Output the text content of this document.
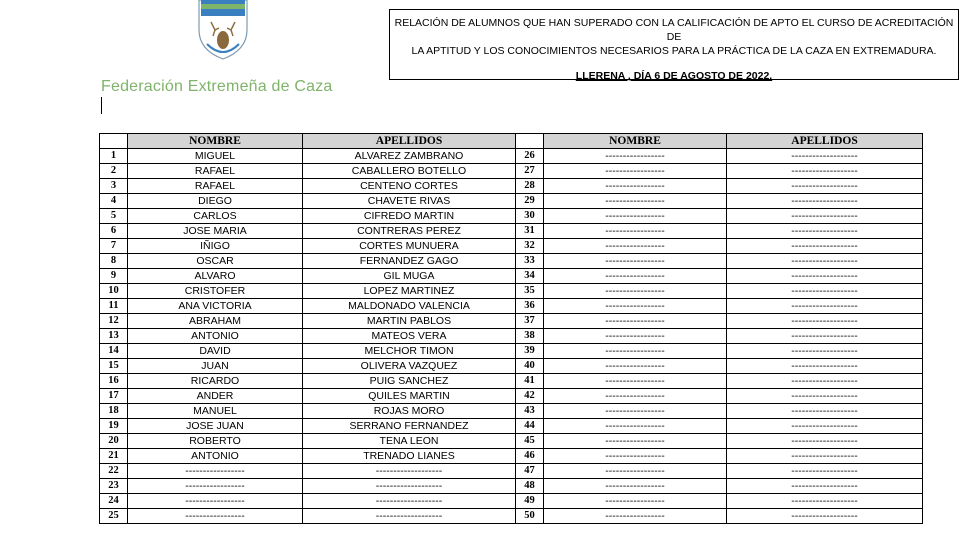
Federación Extremeña de Caza
RELACIÓN DE ALUMNOS QUE HAN SUPERADO CON LA CALIFICACIÓN DE APTO EL CURSO DE ACREDITACIÓN DE
LA APTITUD Y LOS CONOCIMIENTOS NECESARIOS PARA LA PRÁCTICA DE LA CAZA EN EXTREMADURA.
LLERENA , DÍA 6 DE AGOSTO DE 2022.
	NOMBRE	APELLIDOS		NOMBRE	APELLIDOS
1	MIGUEL	ALVAREZ ZAMBRANO	26	-----------------	-------------------
2	RAFAEL	CABALLERO BOTELLO	27	-----------------	-------------------
3	RAFAEL	CENTENO CORTES	28	-----------------	-------------------
4	DIEGO	CHAVETE RIVAS	29	-----------------	-------------------
5	CARLOS	CIFREDO MARTIN	30	-----------------	-------------------
6	JOSE MARIA	CONTRERAS PEREZ	31	-----------------	-------------------
7	IÑIGO	CORTES MUNUERA	32	-----------------	-------------------
8	OSCAR	FERNANDEZ GAGO	33	-----------------	-------------------
9	ALVARO	GIL MUGA	34	-----------------	-------------------
10	CRISTOFER	LOPEZ MARTINEZ	35	-----------------	-------------------
11	ANA VICTORIA	MALDONADO VALENCIA	36	-----------------	-------------------
12	ABRAHAM	MARTIN PABLOS	37	-----------------	-------------------
13	ANTONIO	MATEOS VERA	38	-----------------	-------------------
14	DAVID	MELCHOR TIMON	39	-----------------	-------------------
15	JUAN	OLIVERA VAZQUEZ	40	-----------------	-------------------
16	RICARDO	PUIG SANCHEZ	41	-----------------	-------------------
17	ANDER	QUILES MARTIN	42	-----------------	-------------------
18	MANUEL	ROJAS MORO	43	-----------------	-------------------
19	JOSE JUAN	SERRANO FERNANDEZ	44	-----------------	-------------------
20	ROBERTO	TENA LEON	45	-----------------	-------------------
21	ANTONIO	TRENADO LIANES	46	-----------------	-------------------
22	-----------------	-------------------	47	-----------------	-------------------
23	-----------------	-------------------	48	-----------------	-------------------
24	-----------------	-------------------	49	-----------------	-------------------
25	-----------------	-------------------	50	-----------------	-------------------
